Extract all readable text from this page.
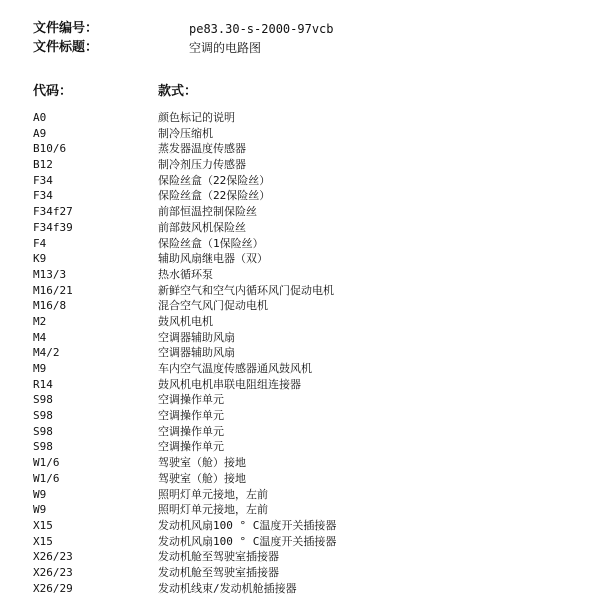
文件编号：	pe83.30-s-2000-97vcb
文件标题：	空调的电路图
代码：	款式：
A0	颜色标记的说明
A9	制冷压缩机
B10/6	蒸发器温度传感器
B12	制冷剂压力传感器
F34	保险丝盒（22保险丝）
F34	保险丝盒（22保险丝）
F34f27	前部恒温控制保险丝
F34f39	前部鼓风机保险丝
F4	保险丝盒（1保险丝）
K9	辅助风扇继电器（双）
M13/3	热水循环泵
M16/21	新鲜空气和空气内循环风门促动电机
M16/8	混合空气风门促动电机
M2	鼓风机电机
M4	空调器辅助风扇
M4/2	空调器辅助风扇
M9	车内空气温度传感器通风鼓风机
R14	鼓风机电机串联电阻组连接器
S98	空调操作单元
S98	空调操作单元
S98	空调操作单元
S98	空调操作单元
W1/6	驾驶室（舱）接地
W1/6	驾驶室（舱）接地
W9	照明灯单元接地，左前
W9	照明灯单元接地，左前
X15	发动机风扇100 ° C温度开关插接器
X15	发动机风扇100 ° C温度开关插接器
X26/23	发动机舱至驾驶室插接器
X26/23	发动机舱至驾驶室插接器
X26/29	发动机线束/发动机舱插接器
